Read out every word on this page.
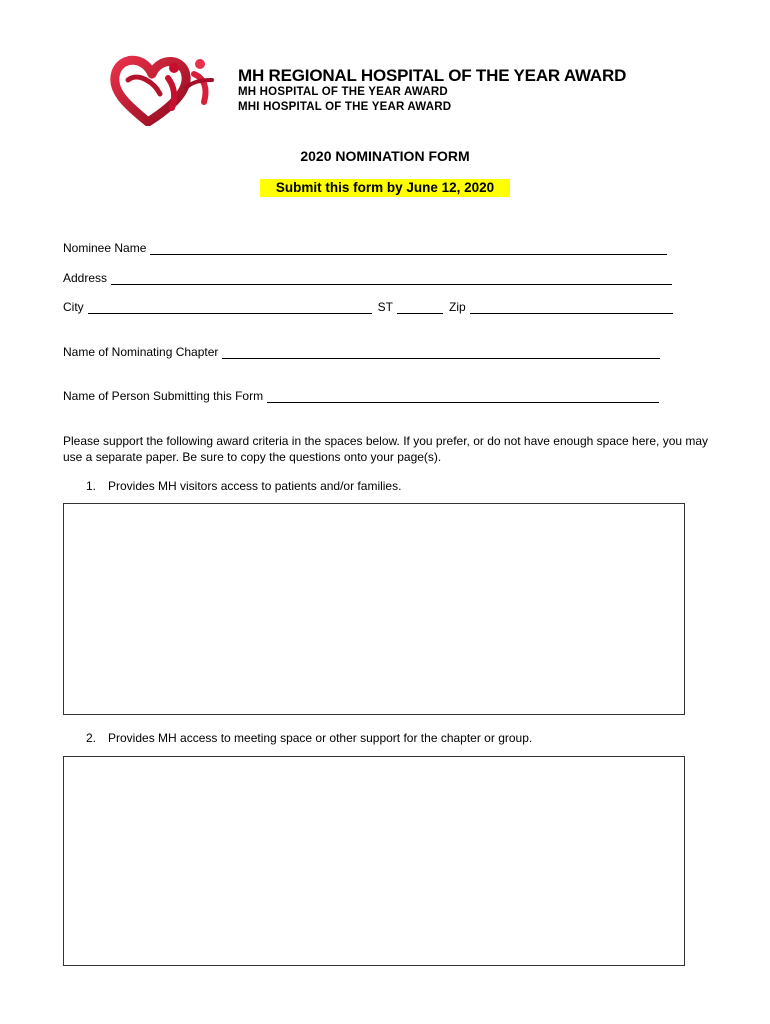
MH REGIONAL HOSPITAL OF THE YEAR AWARD
MH HOSPITAL OF THE YEAR AWARD
MHI HOSPITAL OF THE YEAR AWARD
2020 NOMINATION FORM
Submit this form by June 12, 2020
Nominee Name
Address
City	ST	Zip
Name of Nominating Chapter
Name of Person Submitting this Form
Please support the following award criteria in the spaces below. If you prefer, or do not have enough space here, you may use a separate paper. Be sure to copy the questions onto your page(s).
1. Provides MH visitors access to patients and/or families.
2. Provides MH access to meeting space or other support for the chapter or group.
